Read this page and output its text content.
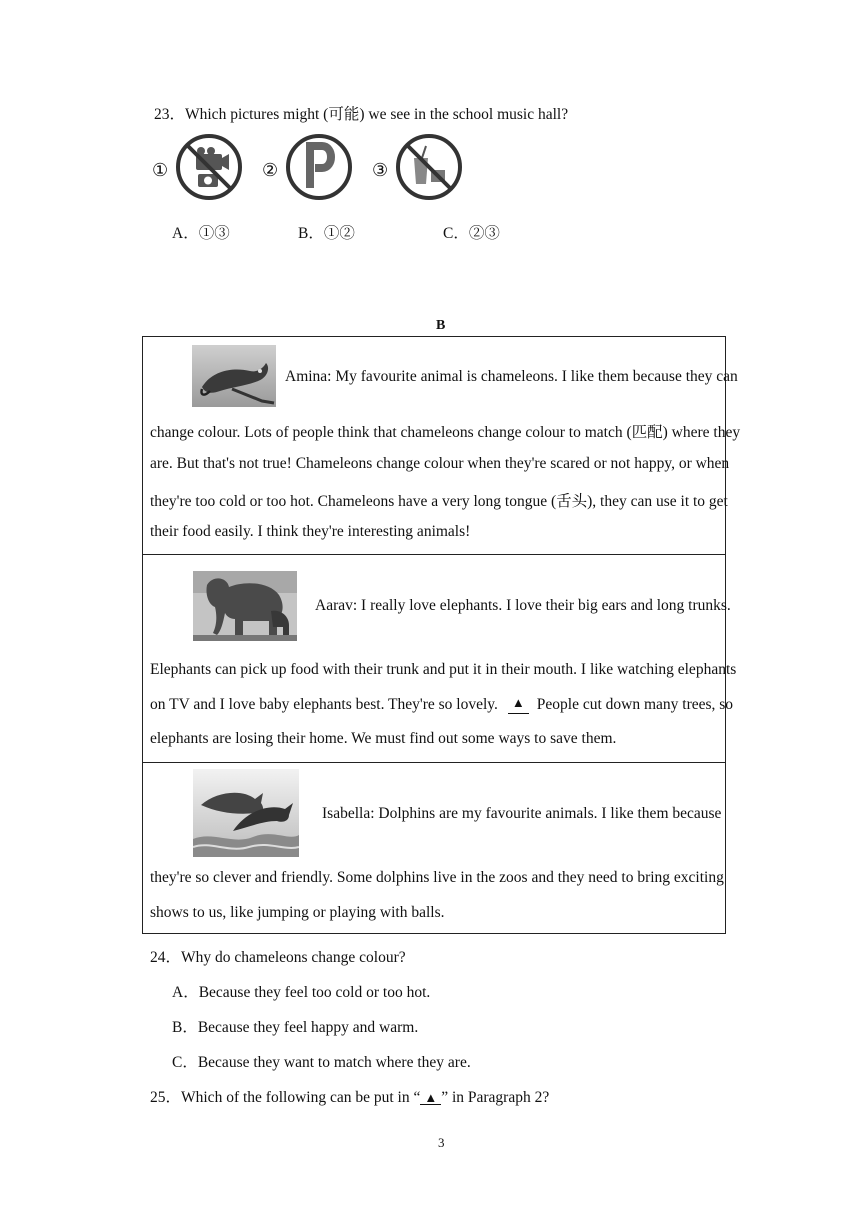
23．Which pictures might (可能) we see in the school music hall?
①	②	③
A．①③	B．①②	C．②③
B
Amina: My favourite animal is chameleons. I like them because they can
change colour. Lots of people think that chameleons change colour to match (匹配) where they
are. But that's not true! Chameleons change colour when they're scared or not happy, or when
they're too cold or too hot. Chameleons have a very long tongue (舌头), they can use it to get
their food easily. I think they're interesting animals!
Aarav: I really love elephants. I love their big ears and long trunks.
Elephants can pick up food with their trunk and put it in their mouth. I like watching elephants
on TV and I love baby elephants best. They're so lovely.	▲ People cut down many trees, so
elephants are losing their home. We must find out some ways to save them.
Isabella: Dolphins are my favourite animals. I like them because
they're so clever and friendly. Some dolphins live in the zoos and they need to bring exciting
shows to us, like jumping or playing with balls.
24．Why do chameleons change colour?
A．Because they feel too cold or too hot.
B．Because they feel happy and warm.
C．Because they want to match where they are.
25．Which of the following can be put in “ ▲ ” in Paragraph 2?
3
